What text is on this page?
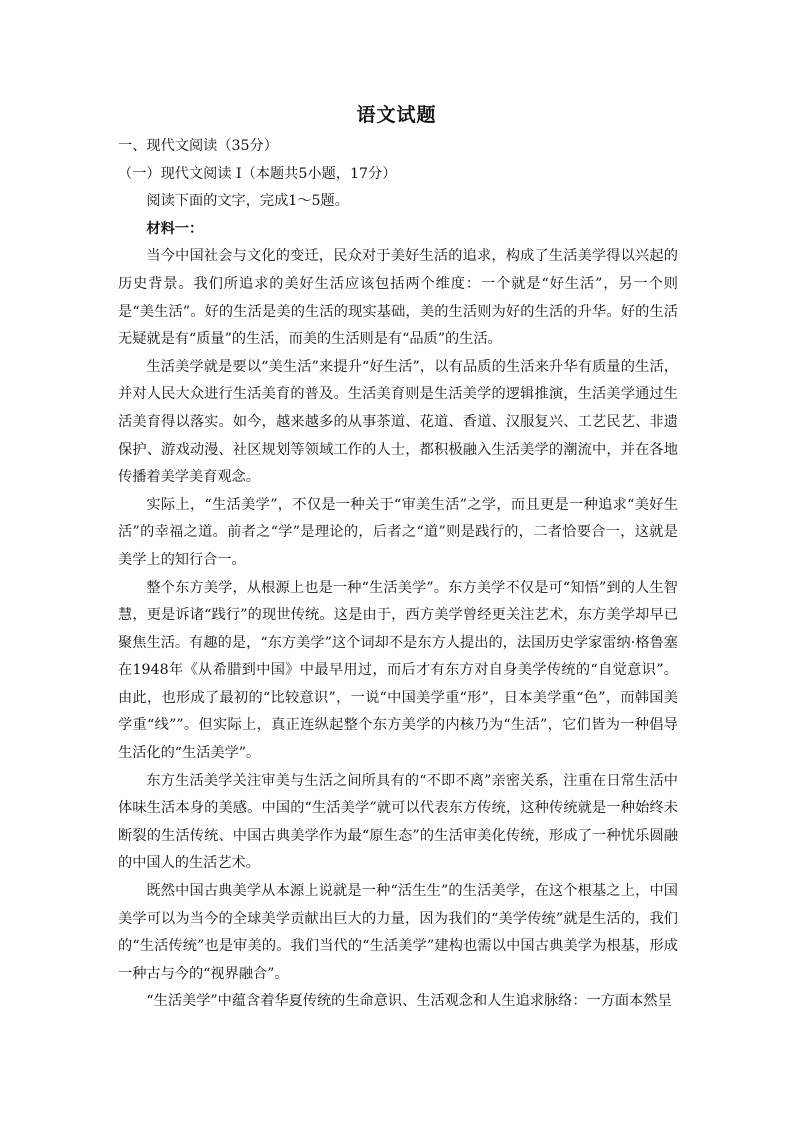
语文试题

一、现代文阅读（35分）

（一）现代文阅读 I（本题共5小题，17分）

阅读下面的文字，完成1～5题。

材料一：

当今中国社会与文化的变迁，民众对于美好生活的追求，构成了生活美学得以兴起的历史背景。我们所追求的美好生活应该包括两个维度：一个就是“好生活”，另一个则是“美生活”。好的生活是美的生活的现实基础，美的生活则为好的生活的升华。好的生活无疑就是有“质量”的生活，而美的生活则是有“品质”的生活。

生活美学就是要以“美生活”来提升“好生活”，以有品质的生活来升华有质量的生活，并对人民大众进行生活美育的普及。生活美育则是生活美学的逻辑推演，生活美学通过生活美育得以落实。如今，越来越多的从事茶道、花道、香道、汉服复兴、工艺民艺、非遗保护、游戏动漫、社区规划等领域工作的人士，都积极融入生活美学的潮流中，并在各地传播着美学美育观念。

实际上，“生活美学”，不仅是一种关于“审美生活”之学，而且更是一种追求“美好生活”的幸福之道。前者之“学”是理论的，后者之“道”则是践行的，二者恰要合一，这就是美学上的知行合一。

整个东方美学，从根源上也是一种“生活美学”。东方美学不仅是可“知悟”到的人生智慧，更是诉诸“践行”的现世传统。这是由于，西方美学曾经更关注艺术，东方美学却早已聚焦生活。有趣的是，“东方美学”这个词却不是东方人提出的，法国历史学家雷纳·格鲁塞在1948年《从希腊到中国》中最早用过，而后才有东方对自身美学传统的“自觉意识”。由此，也形成了最初的“比较意识”，一说“中国美学重“形”，日本美学重“色”，而韩国美学重“线””。但实际上，真正连纵起整个东方美学的内核乃为“生活”，它们皆为一种倡导生活化的“生活美学”。

东方生活美学关注审美与生活之间所具有的“不即不离”亲密关系，注重在日常生活中体味生活本身的美感。中国的“生活美学”就可以代表东方传统，这种传统就是一种始终未断裂的生活传统、中国古典美学作为最“原生态”的生活审美化传统，形成了一种忧乐圆融的中国人的生活艺术。

既然中国古典美学从本源上说就是一种“活生生”的生活美学，在这个根基之上，中国美学可以为当今的全球美学贡献出巨大的力量，因为我们的“美学传统”就是生活的，我们的“生活传统”也是审美的。我们当代的“生活美学”建构也需以中国古典美学为根基，形成一种古与今的“视界融合”。

“生活美学”中蕴含着华夏传统的生命意识、生活观念和人生追求脉络：一方面本然呈
